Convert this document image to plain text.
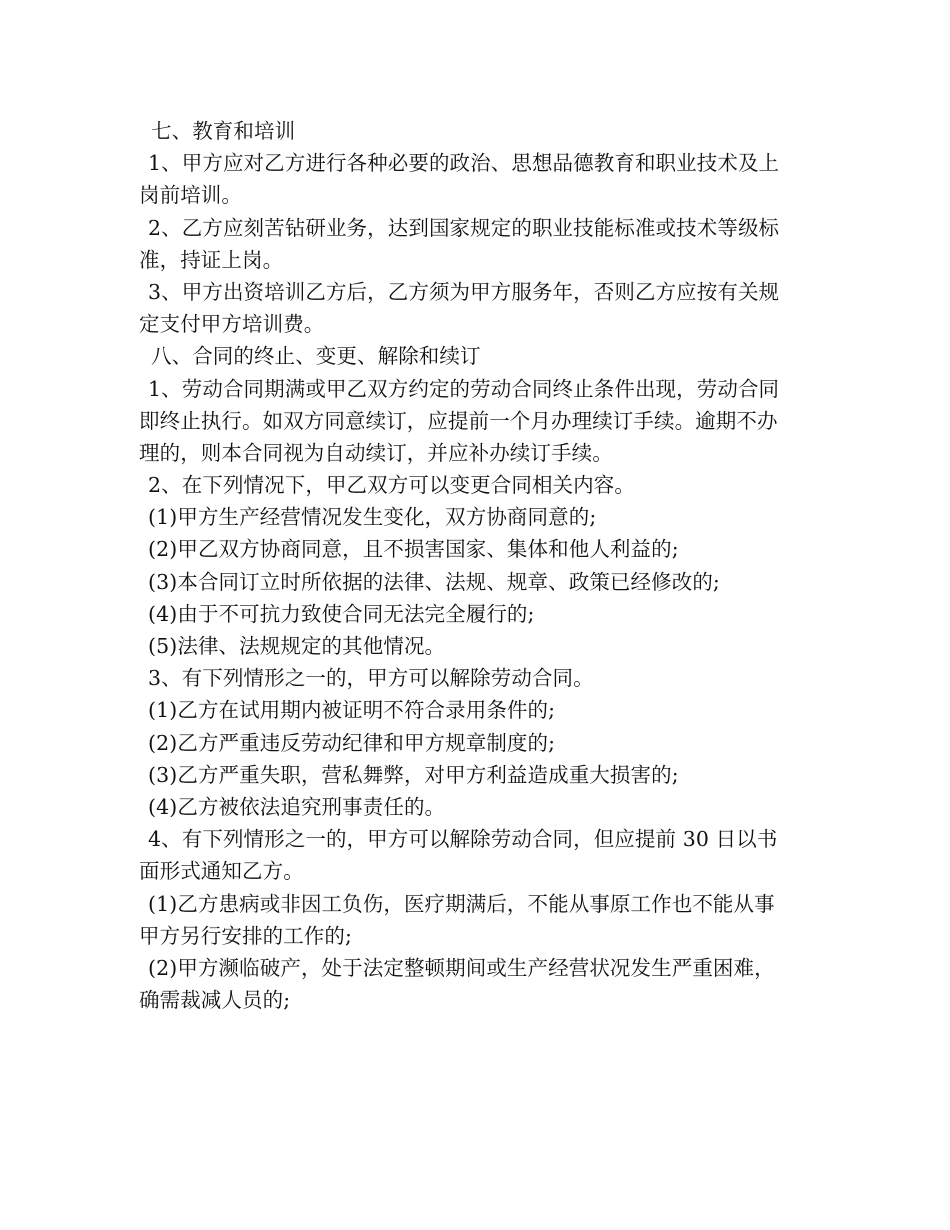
七、教育和培训
1、甲方应对乙方进行各种必要的政治、思想品德教育和职业技术及上
岗前培训。
2、乙方应刻苦钻研业务，达到国家规定的职业技能标准或技术等级标
准，持证上岗。
3、甲方出资培训乙方后，乙方须为甲方服务年，否则乙方应按有关规
定支付甲方培训费。
八、合同的终止、变更、解除和续订
1、劳动合同期满或甲乙双方约定的劳动合同终止条件出现，劳动合同
即终止执行。如双方同意续订，应提前一个月办理续订手续。逾期不办
理的，则本合同视为自动续订，并应补办续订手续。
2、在下列情况下，甲乙双方可以变更合同相关内容。
(1)甲方生产经营情况发生变化，双方协商同意的;
(2)甲乙双方协商同意，且不损害国家、集体和他人利益的;
(3)本合同订立时所依据的法律、法规、规章、政策已经修改的;
(4)由于不可抗力致使合同无法完全履行的;
(5)法律、法规规定的其他情况。
3、有下列情形之一的，甲方可以解除劳动合同。
(1)乙方在试用期内被证明不符合录用条件的;
(2)乙方严重违反劳动纪律和甲方规章制度的;
(3)乙方严重失职，营私舞弊，对甲方利益造成重大损害的;
(4)乙方被依法追究刑事责任的。
4、有下列情形之一的，甲方可以解除劳动合同，但应提前 30 日以书
面形式通知乙方。
(1)乙方患病或非因工负伤，医疗期满后，不能从事原工作也不能从事
甲方另行安排的工作的;
(2)甲方濒临破产，处于法定整顿期间或生产经营状况发生严重困难，
确需裁减人员的;
